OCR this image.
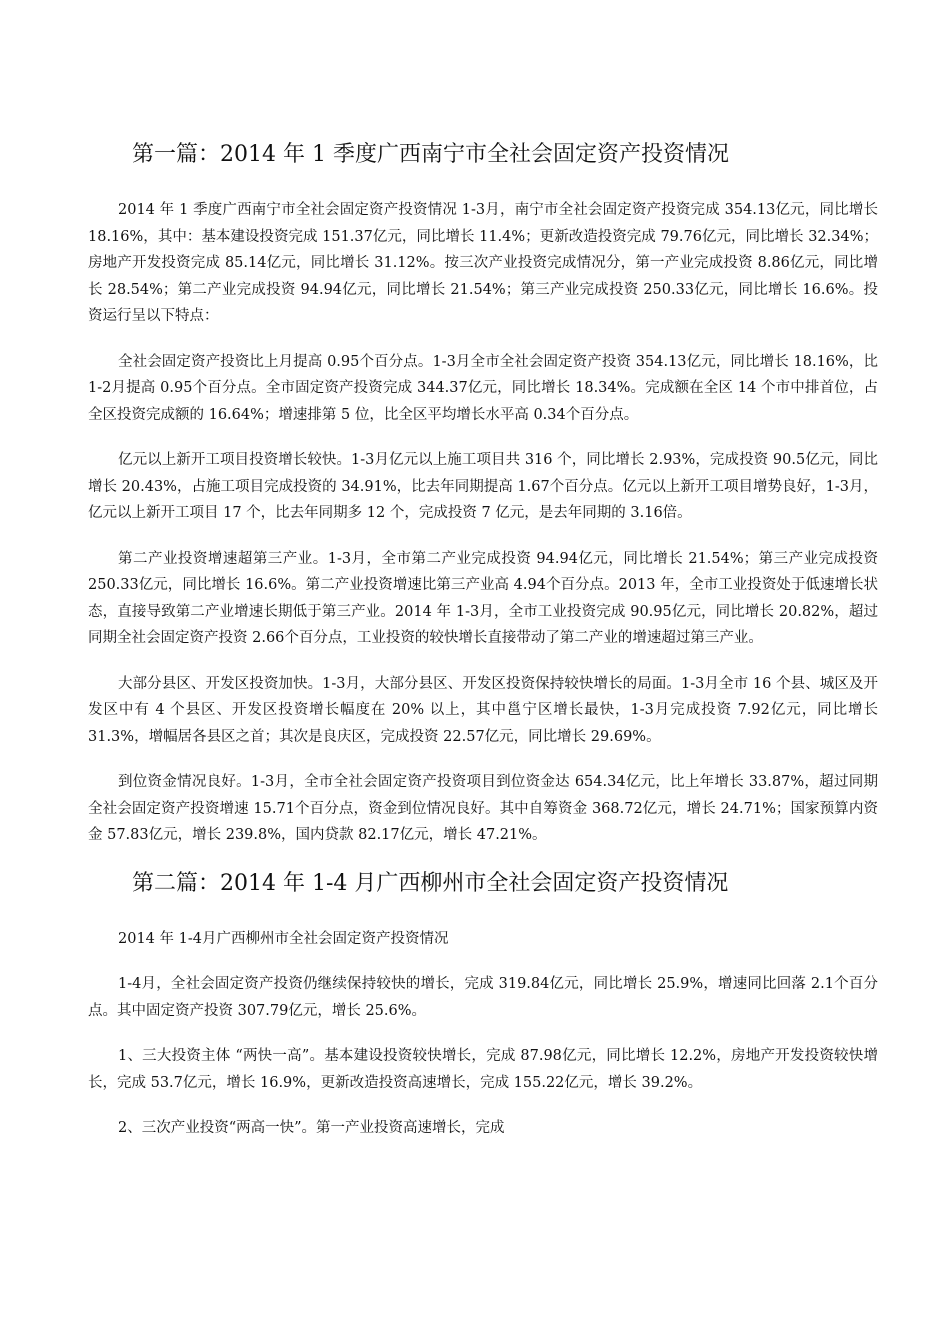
第一篇：2014 年 1 季度广西南宁市全社会固定资产投资情况

2014 年 1 季度广西南宁市全社会固定资产投资情况 1-3月，南宁市全社会固定资产投资完成 354.13亿元，同比增长 18.16%，其中：基本建设投资完成 151.37亿元，同比增长 11.4%；更新改造投资完成 79.76亿元，同比增长 32.34%；房地产开发投资完成 85.14亿元，同比增长 31.12%。按三次产业投资完成情况分，第一产业完成投资 8.86亿元，同比增长 28.54%；第二产业完成投资 94.94亿元，同比增长 21.54%；第三产业完成投资 250.33亿元，同比增长 16.6%。投资运行呈以下特点：

全社会固定资产投资比上月提高 0.95个百分点。1-3月全市全社会固定资产投资 354.13亿元，同比增长 18.16%，比 1-2月提高 0.95个百分点。全市固定资产投资完成 344.37亿元，同比增长 18.34%。完成额在全区 14 个市中排首位，占全区投资完成额的 16.64%；增速排第 5 位，比全区平均增长水平高 0.34个百分点。

亿元以上新开工项目投资增长较快。1-3月亿元以上施工项目共 316 个，同比增长 2.93%，完成投资 90.5亿元，同比增长 20.43%，占施工项目完成投资的 34.91%，比去年同期提高 1.67个百分点。亿元以上新开工项目增势良好，1-3月，亿元以上新开工项目 17 个，比去年同期多 12 个，完成投资 7 亿元，是去年同期的 3.16倍。

第二产业投资增速超第三产业。1-3月，全市第二产业完成投资 94.94亿元，同比增长 21.54%；第三产业完成投资 250.33亿元，同比增长 16.6%。第二产业投资增速比第三产业高 4.94个百分点。2013 年，全市工业投资处于低速增长状态，直接导致第二产业增速长期低于第三产业。2014 年 1-3月，全市工业投资完成 90.95亿元，同比增长 20.82%，超过同期全社会固定资产投资 2.66个百分点，工业投资的较快增长直接带动了第二产业的增速超过第三产业。

大部分县区、开发区投资加快。1-3月，大部分县区、开发区投资保持较快增长的局面。1-3月全市 16 个县、城区及开发区中有 4 个县区、开发区投资增长幅度在 20% 以上，其中邕宁区增长最快，1-3月完成投资 7.92亿元，同比增长 31.3%，增幅居各县区之首；其次是良庆区，完成投资 22.57亿元，同比增长 29.69%。

到位资金情况良好。1-3月，全市全社会固定资产投资项目到位资金达 654.34亿元，比上年增长 33.87%，超过同期全社会固定资产投资增速 15.71个百分点，资金到位情况良好。其中自筹资金 368.72亿元，增长 24.71%；国家预算内资金 57.83亿元，增长 239.8%，国内贷款 82.17亿元，增长 47.21%。

第二篇：2014 年 1-4 月广西柳州市全社会固定资产投资情况

2014 年 1-4月广西柳州市全社会固定资产投资情况

1-4月，全社会固定资产投资仍继续保持较快的增长，完成 319.84亿元，同比增长 25.9%，增速同比回落 2.1个百分点。其中固定资产投资 307.79亿元，增长 25.6%。

1、三大投资主体 “两快一高”。基本建设投资较快增长，完成 87.98亿元，同比增长 12.2%，房地产开发投资较快增长，完成 53.7亿元，增长 16.9%，更新改造投资高速增长，完成 155.22亿元，增长 39.2%。

2、三次产业投资“两高一快”。第一产业投资高速增长，完成
